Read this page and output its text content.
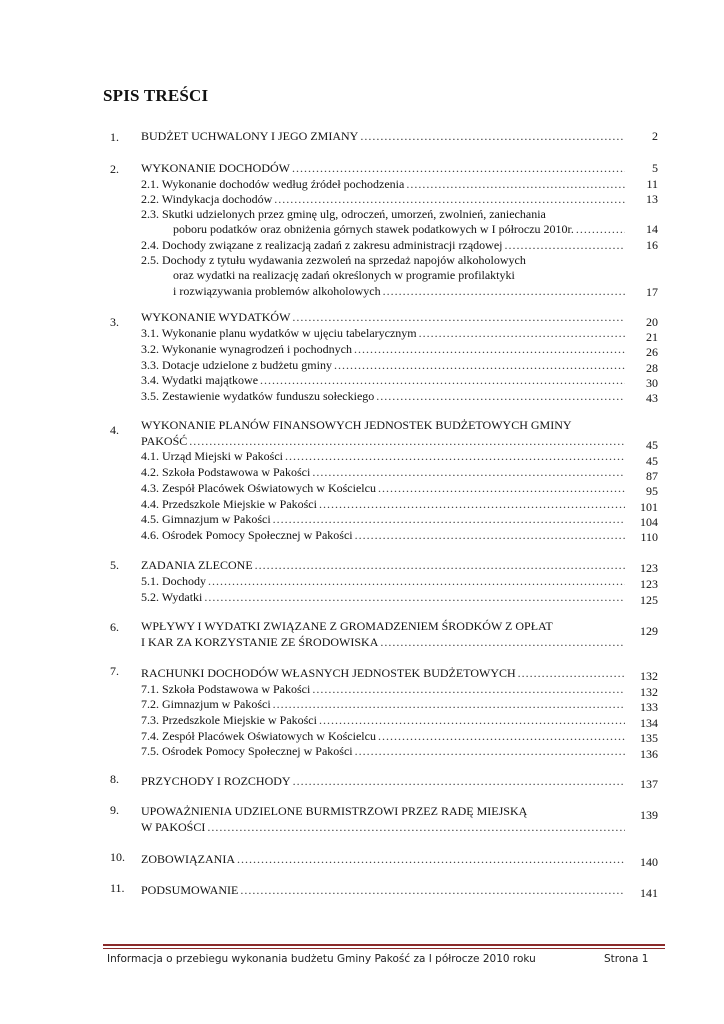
SPIS TREŚCI
1. BUDŻET UCHWALONY I JEGO ZMIANY . . .	2
2. WYKONANIE DOCHODÓW . . .	5
2.1. Wykonanie dochodów według źródeł pochodzenia . . .	11
2.2. Windykacja dochodów . . .	13
2.3. Skutki udzielonych przez gminę ulg, odroczeń, umorzeń, zwolnień, zaniechania
poboru podatków oraz obniżenia górnych stawek podatkowych w I półroczu 2010r. . . .	14
2.4. Dochody związane z realizacją zadań z zakresu administracji rządowej . . .	16
2.5. Dochody z tytułu wydawania zezwoleń na sprzedaż napojów alkoholowych
oraz wydatki na realizację zadań określonych w programie profilaktyki
i rozwiązywania problemów alkoholowych . . .	17
3. WYKONANIE WYDATKÓW . . .	20
3.1. Wykonanie planu wydatków w ujęciu tabelarycznym . . .	21
3.2. Wykonanie wynagrodzeń i pochodnych . . .	26
3.3. Dotacje udzielone z budżetu gminy . . .	28
3.4. Wydatki majątkowe . . .	30
3.5. Zestawienie wydatków funduszu sołeckiego . . .	43
4. WYKONANIE PLANÓW FINANSOWYCH JEDNOSTEK BUDŻETOWYCH GMINY
PAKOŚĆ . . .	45
4.1. Urząd Miejski w Pakości . . .	45
4.2. Szkoła Podstawowa w Pakości . . .	87
4.3. Zespół Placówek Oświatowych w Kościelcu . . .	95
4.4. Przedszkole Miejskie w Pakości . . .	101
4.5. Gimnazjum w Pakości . . .	104
4.6. Ośrodek Pomocy Społecznej w Pakości . . .	110
5. ZADANIA ZLECONE . . .	123
5.1. Dochody . . .	123
5.2. Wydatki . . .	125
6. WPŁYWY I WYDATKI ZWIĄZANE Z GROMADZENIEM ŚRODKÓW Z OPŁAT	129
I KAR ZA KORZYSTANIE ZE ŚRODOWISKA . . .
7. RACHUNKI DOCHODÓW WŁASNYCH JEDNOSTEK BUDŻETOWYCH . . .	132
7.1. Szkoła Podstawowa w Pakości . . .	132
7.2. Gimnazjum w Pakości . . .	133
7.3. Przedszkole Miejskie w Pakości . . .	134
7.4. Zespół Placówek Oświatowych w Kościelcu . . .	135
7.5. Ośrodek Pomocy Społecznej w Pakości . . .	136
8. PRZYCHODY I ROZCHODY . . .	137
9. UPOWAŻNIENIA UDZIELONE BURMISTRZOWI PRZEZ RADĘ MIEJSKĄ	139
W PAKOŚCI . . .
10. ZOBOWIĄZANIA . . .	140
11. PODSUMOWANIE . . .	141
Informacja o przebiegu wykonania budżetu Gminy Pakość za I półrocze 2010 roku	Strona 1
